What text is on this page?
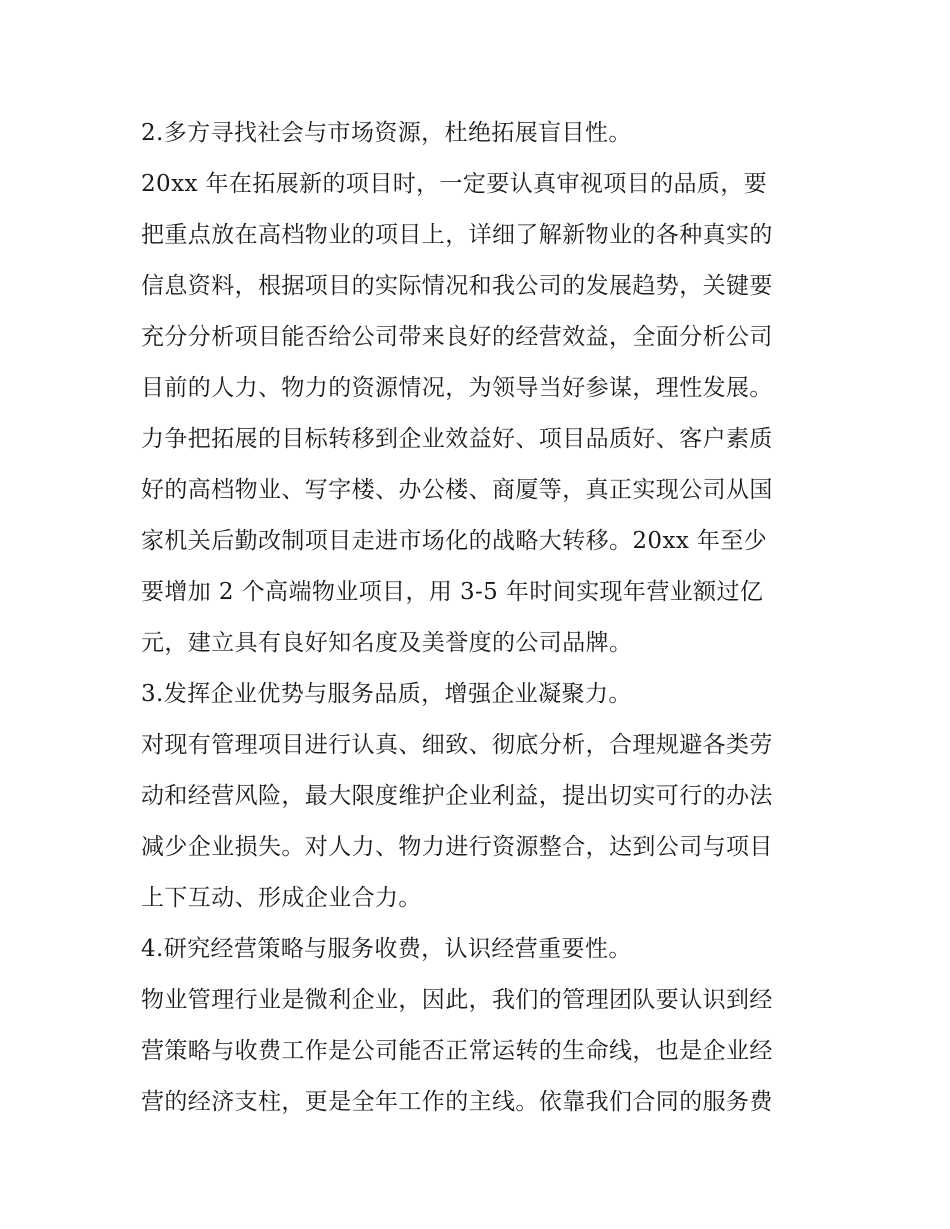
2.多方寻找社会与市场资源，杜绝拓展盲目性。
20xx 年在拓展新的项目时，一定要认真审视项目的品质，要
把重点放在高档物业的项目上，详细了解新物业的各种真实的
信息资料，根据项目的实际情况和我公司的发展趋势，关键要
充分分析项目能否给公司带来良好的经营效益，全面分析公司
目前的人力、物力的资源情况，为领导当好参谋，理性发展。
力争把拓展的目标转移到企业效益好、项目品质好、客户素质
好的高档物业、写字楼、办公楼、商厦等，真正实现公司从国
家机关后勤改制项目走进市场化的战略大转移。20xx 年至少
要增加 2 个高端物业项目，用 3-5 年时间实现年营业额过亿
元，建立具有良好知名度及美誉度的公司品牌。
3.发挥企业优势与服务品质，增强企业凝聚力。
对现有管理项目进行认真、细致、彻底分析，合理规避各类劳
动和经营风险，最大限度维护企业利益，提出切实可行的办法
减少企业损失。对人力、物力进行资源整合，达到公司与项目
上下互动、形成企业合力。
4.研究经营策略与服务收费，认识经营重要性。
物业管理行业是微利企业，因此，我们的管理团队要认识到经
营策略与收费工作是公司能否正常运转的生命线，也是企业经
营的经济支柱，更是全年工作的主线。依靠我们合同的服务费
